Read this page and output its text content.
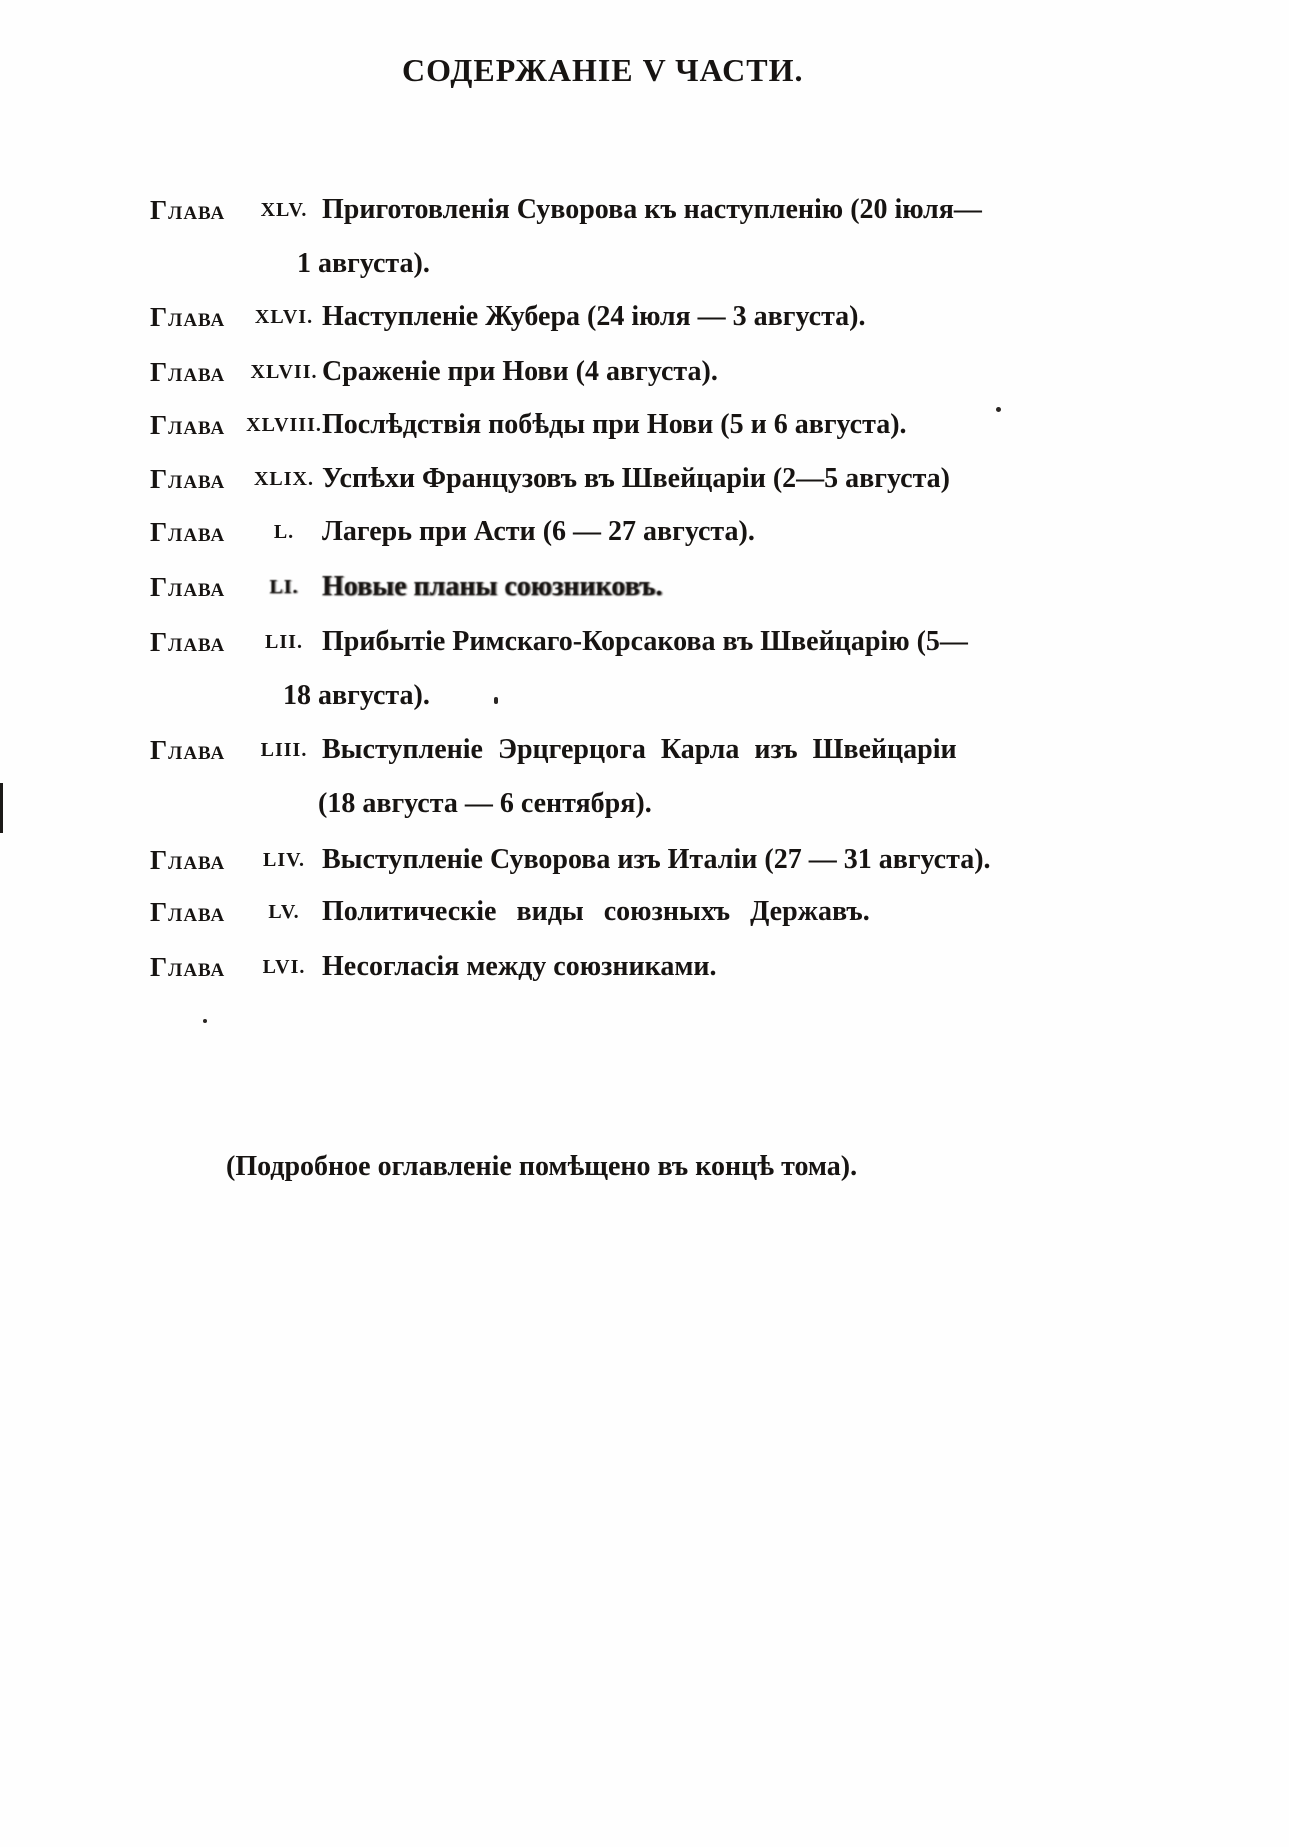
СОДЕРЖАНІЕ V ЧАСТИ.
Глава	XLV. Приготовленія Суворова къ наступленію (20 іюля—
1 августа).
Глава	XLVI. Наступленіе Жубера (24 іюля — 3 августа).
Глава	XLVII. Сраженіе при Нови (4 августа).
Глава	XLVIII. Послѣдствія побѣды при Нови (5 и 6 августа).
Глава	XLIX. Успѣхи Французовъ въ Швейцаріи (2—5 августа)
Глава	L. Лагерь при Асти (6 — 27 августа).
Глава	LI. Новые планы союзниковъ.
Глава	LII. Прибытіе Римскаго-Корсакова въ Швейцарію (5—
18 августа).
Глава	LIII. Выступленіе Эрцгерцога Карла изъ Швейцаріи
(18 августа — 6 сентября).
Глава	LIV. Выступленіе Суворова изъ Италіи (27 — 31 августа).
Глава	LV. Политическіе виды союзныхъ Державъ.
Глава	LVI. Несогласія между союзниками.
(Подробное оглавленіе помѣщено въ концѣ тома).
